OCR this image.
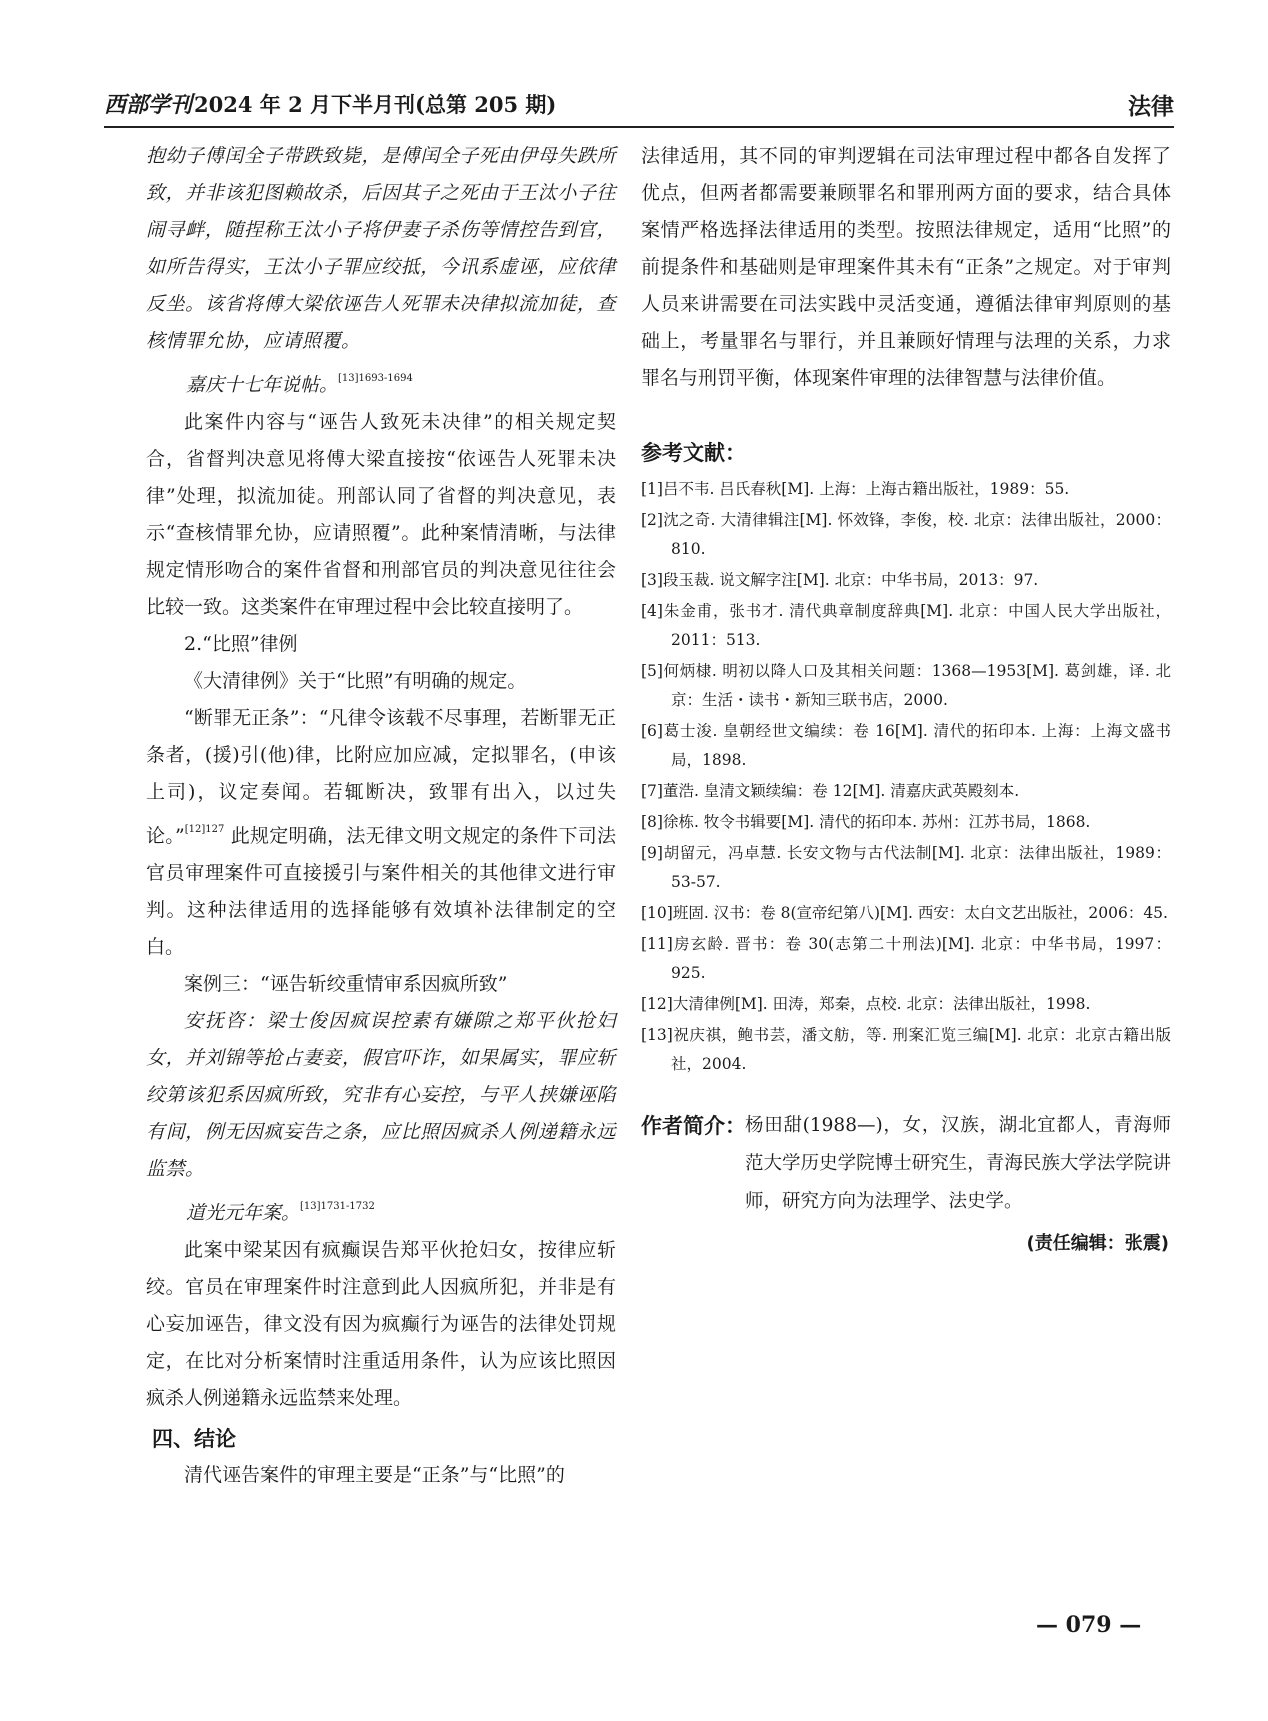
西部学刊2024 年 2 月下半月刊(总第 205 期)	法律

抱幼子傅闰全子带跌致毙，是傅闰全子死由伊母失跌所致，并非该犯图赖故杀，后因其子之死由于王汰小子往闹寻衅，随捏称王汰小子将伊妻子杀伤等情控告到官，如所告得实，王汰小子罪应绞抵，今讯系虚诬，应依律反坐。该省将傅大梁依诬告人死罪未决律拟流加徒，查核情罪允协，应请照覆。

嘉庆十七年说帖。$^{[13]1693-1694}$

此案件内容与“诬告人致死未决律”的相关规定契合，省督判决意见将傅大梁直接按“依诬告人死罪未决律”处理，拟流加徒。刑部认同了省督的判决意见，表示“查核情罪允协，应请照覆”。此种案情清晰，与法律规定情形吻合的案件省督和刑部官员的判决意见往往会比较一致。这类案件在审理过程中会比较直接明了。

2.“比照”律例

《大清律例》关于“比照”有明确的规定。

“断罪无正条”：“凡律令该载不尽事理，若断罪无正条者，(援)引(他)律，比附应加应减，定拟罪名，(申该上司)，议定奏闻。若辄断决，致罪有出入，以过失论。”$^{[12]127}$ 此规定明确，法无律文明文规定的条件下司法官员审理案件可直接援引与案件相关的其他律文进行审判。这种法律适用的选择能够有效填补法律制定的空白。

案例三：“诬告斩绞重情审系因疯所致”

安抚咨：梁士俊因疯误控素有嫌隙之郑平伙抢妇女，并刘锦等抢占妻妾，假官吓诈，如果属实，罪应斩绞第该犯系因疯所致，究非有心妄控，与平人挟嫌诬陷有间，例无因疯妄告之条，应比照因疯杀人例递籍永远监禁。

道光元年案。$^{[13]1731-1732}$

此案中梁某因有疯癫误告郑平伙抢妇女，按律应斩绞。官员在审理案件时注意到此人因疯所犯，并非是有心妄加诬告，律文没有因为疯癫行为诬告的法律处罚规定，在比对分析案情时注重适用条件，认为应该比照因疯杀人例递籍永远监禁来处理。

四、结论

清代诬告案件的审理主要是“正条”与“比照”的

法律适用，其不同的审判逻辑在司法审理过程中都各自发挥了优点，但两者都需要兼顾罪名和罪刑两方面的要求，结合具体案情严格选择法律适用的类型。按照法律规定，适用“比照”的前提条件和基础则是审理案件其未有“正条”之规定。对于审判人员来讲需要在司法实践中灵活变通，遵循法律审判原则的基础上，考量罪名与罪行，并且兼顾好情理与法理的关系，力求罪名与刑罚平衡，体现案件审理的法律智慧与法律价值。

参考文献：
[1]吕不韦. 吕氏春秋[M]. 上海：上海古籍出版社，1989：55.
[2]沈之奇. 大清律辑注[M]. 怀效锋，李俊，校. 北京：法律出版社，2000：810.
[3]段玉裁. 说文解字注[M]. 北京：中华书局，2013：97.
[4]朱金甫，张书才. 清代典章制度辞典[M]. 北京：中国人民大学出版社，2011：513.
[5]何炳棣. 明初以降人口及其相关问题：1368—1953[M]. 葛剑雄，译. 北京：生活・读书・新知三联书店，2000.
[6]葛士浚. 皇朝经世文编续：卷 16[M]. 清代的拓印本. 上海：上海文盛书局，1898.
[7]董浩. 皇清文颖续编：卷 12[M]. 清嘉庆武英殿刻本.
[8]徐栋. 牧令书辑要[M]. 清代的拓印本. 苏州：江苏书局，1868.
[9]胡留元，冯卓慧. 长安文物与古代法制[M]. 北京：法律出版社，1989：53-57.
[10]班固. 汉书：卷 8(宣帝纪第八)[M]. 西安：太白文艺出版社，2006：45.
[11]房玄龄. 晋书：卷 30(志第二十刑法)[M]. 北京：中华书局，1997：925.
[12]大清律例[M]. 田涛，郑秦，点校. 北京：法律出版社，1998.
[13]祝庆祺，鲍书芸，潘文舫，等. 刑案汇览三编[M]. 北京：北京古籍出版社，2004.
作者简介： 杨田甜(1988—)，女，汉族，湖北宜都人，青海师范大学历史学院博士研究生，青海民族大学法学院讲师，研究方向为法理学、法史学。
(责任编辑：张震)
— 079 —
